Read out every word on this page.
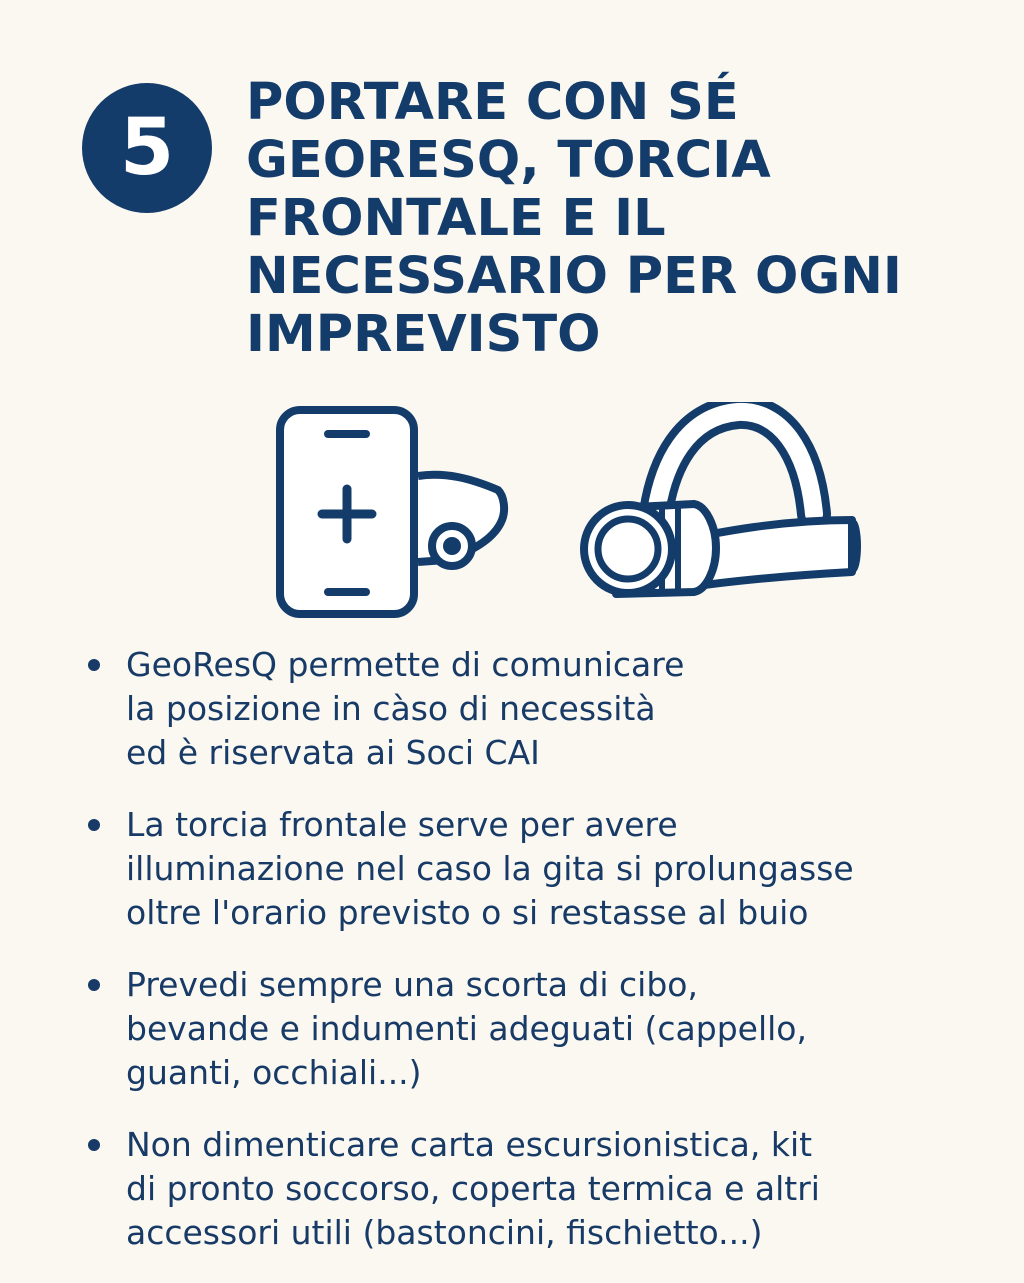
5
PORTARE CON SÉ
GEORESQ, TORCIA
FRONTALE E IL
NECESSARIO PER OGNI
IMPREVISTO
GeoResQ permette di comunicare
la posizione in càso di necessità
ed è riservata ai Soci CAI
La torcia frontale serve per avere
illuminazione nel caso la gita si prolungasse
oltre l'orario previsto o si restasse al buio
Prevedi sempre una scorta di cibo,
bevande e indumenti adeguati (cappello,
guanti, occhiali...)
Non dimenticare carta escursionistica, kit
di pronto soccorso, coperta termica e altri
accessori utili (bastoncini, fischietto...)
